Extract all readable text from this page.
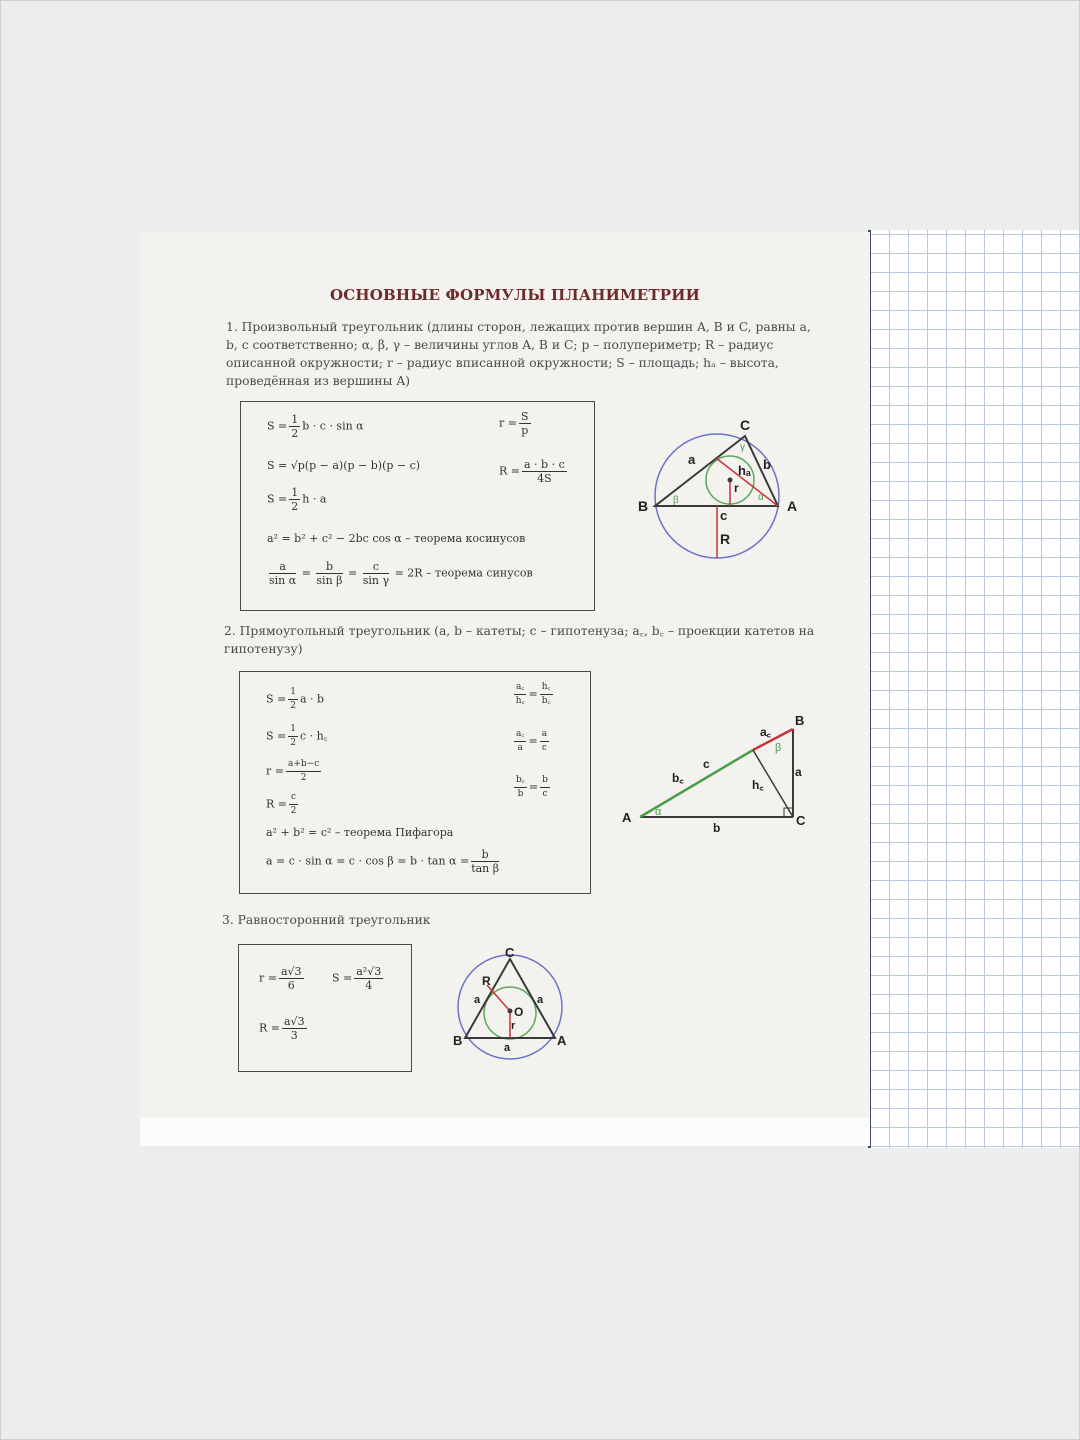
ОСНОВНЫЕ ФОРМУЛЫ ПЛАНИМЕТРИИ
1. Произвольный треугольник (длины сторон, лежащих против вершин A, B и C, равны a, b, c соответственно; α, β, γ – величины углов A, B и C; p – полупериметр; R – радиус описанной окружности; r – радиус вписанной окружности; S – площадь; hₐ – высота, проведённая из вершины A)
$S = \frac{1}{2}$ b · c · sin α	$r = \frac{S}{p}$
S = √p(p − a)(p − b)(p − c)	$R = \frac{a \cdot b \cdot c}{4S}$
$S = \frac{1}{2}$ h · a
a² = b² + c² − 2bc cos α – теорема косинусов
$\frac{a}{\text{sin α}} = \frac{b}{\text{sin β}} = \frac{c}{\text{sin γ}} = 2R$ – теорема синусов
B	A
C
a	b
c
hₐ
r
R
β	α
γ
2. Прямоугольный треугольник (a, b – катеты; c – гипотенуза; a꜀, b꜀ – проекции катетов на гипотенузу)
$S = \frac{1}{2}$ a · b
$S = \frac{1}{2}$ c · h꜀
$r = \frac{a+b-c}{2}$
$R = \frac{c}{2}$
a² + b² = c² – теорема Пифагора
$a = c \cdot \sin \alpha = c \cdot \cos \beta = b \cdot \tan \alpha = \frac{b}{\text{tan β}}$
$\frac{a꜀}{h꜀} = \frac{h꜀}{b꜀}$
$\frac{a꜀}{a} = \frac{a}{c}$
$\frac{b꜀}{b} = \frac{b}{c}$
A
B
C
b
a
c
a꜀
b꜀	h꜀
α
β
3. Равносторонний треугольник
$r = \frac{a√3}{6}$	$S = \frac{\text{a²√3}}{4}$
$R = \frac{a√3}{3}$
C
B	A
R
O
r
a	a
a
